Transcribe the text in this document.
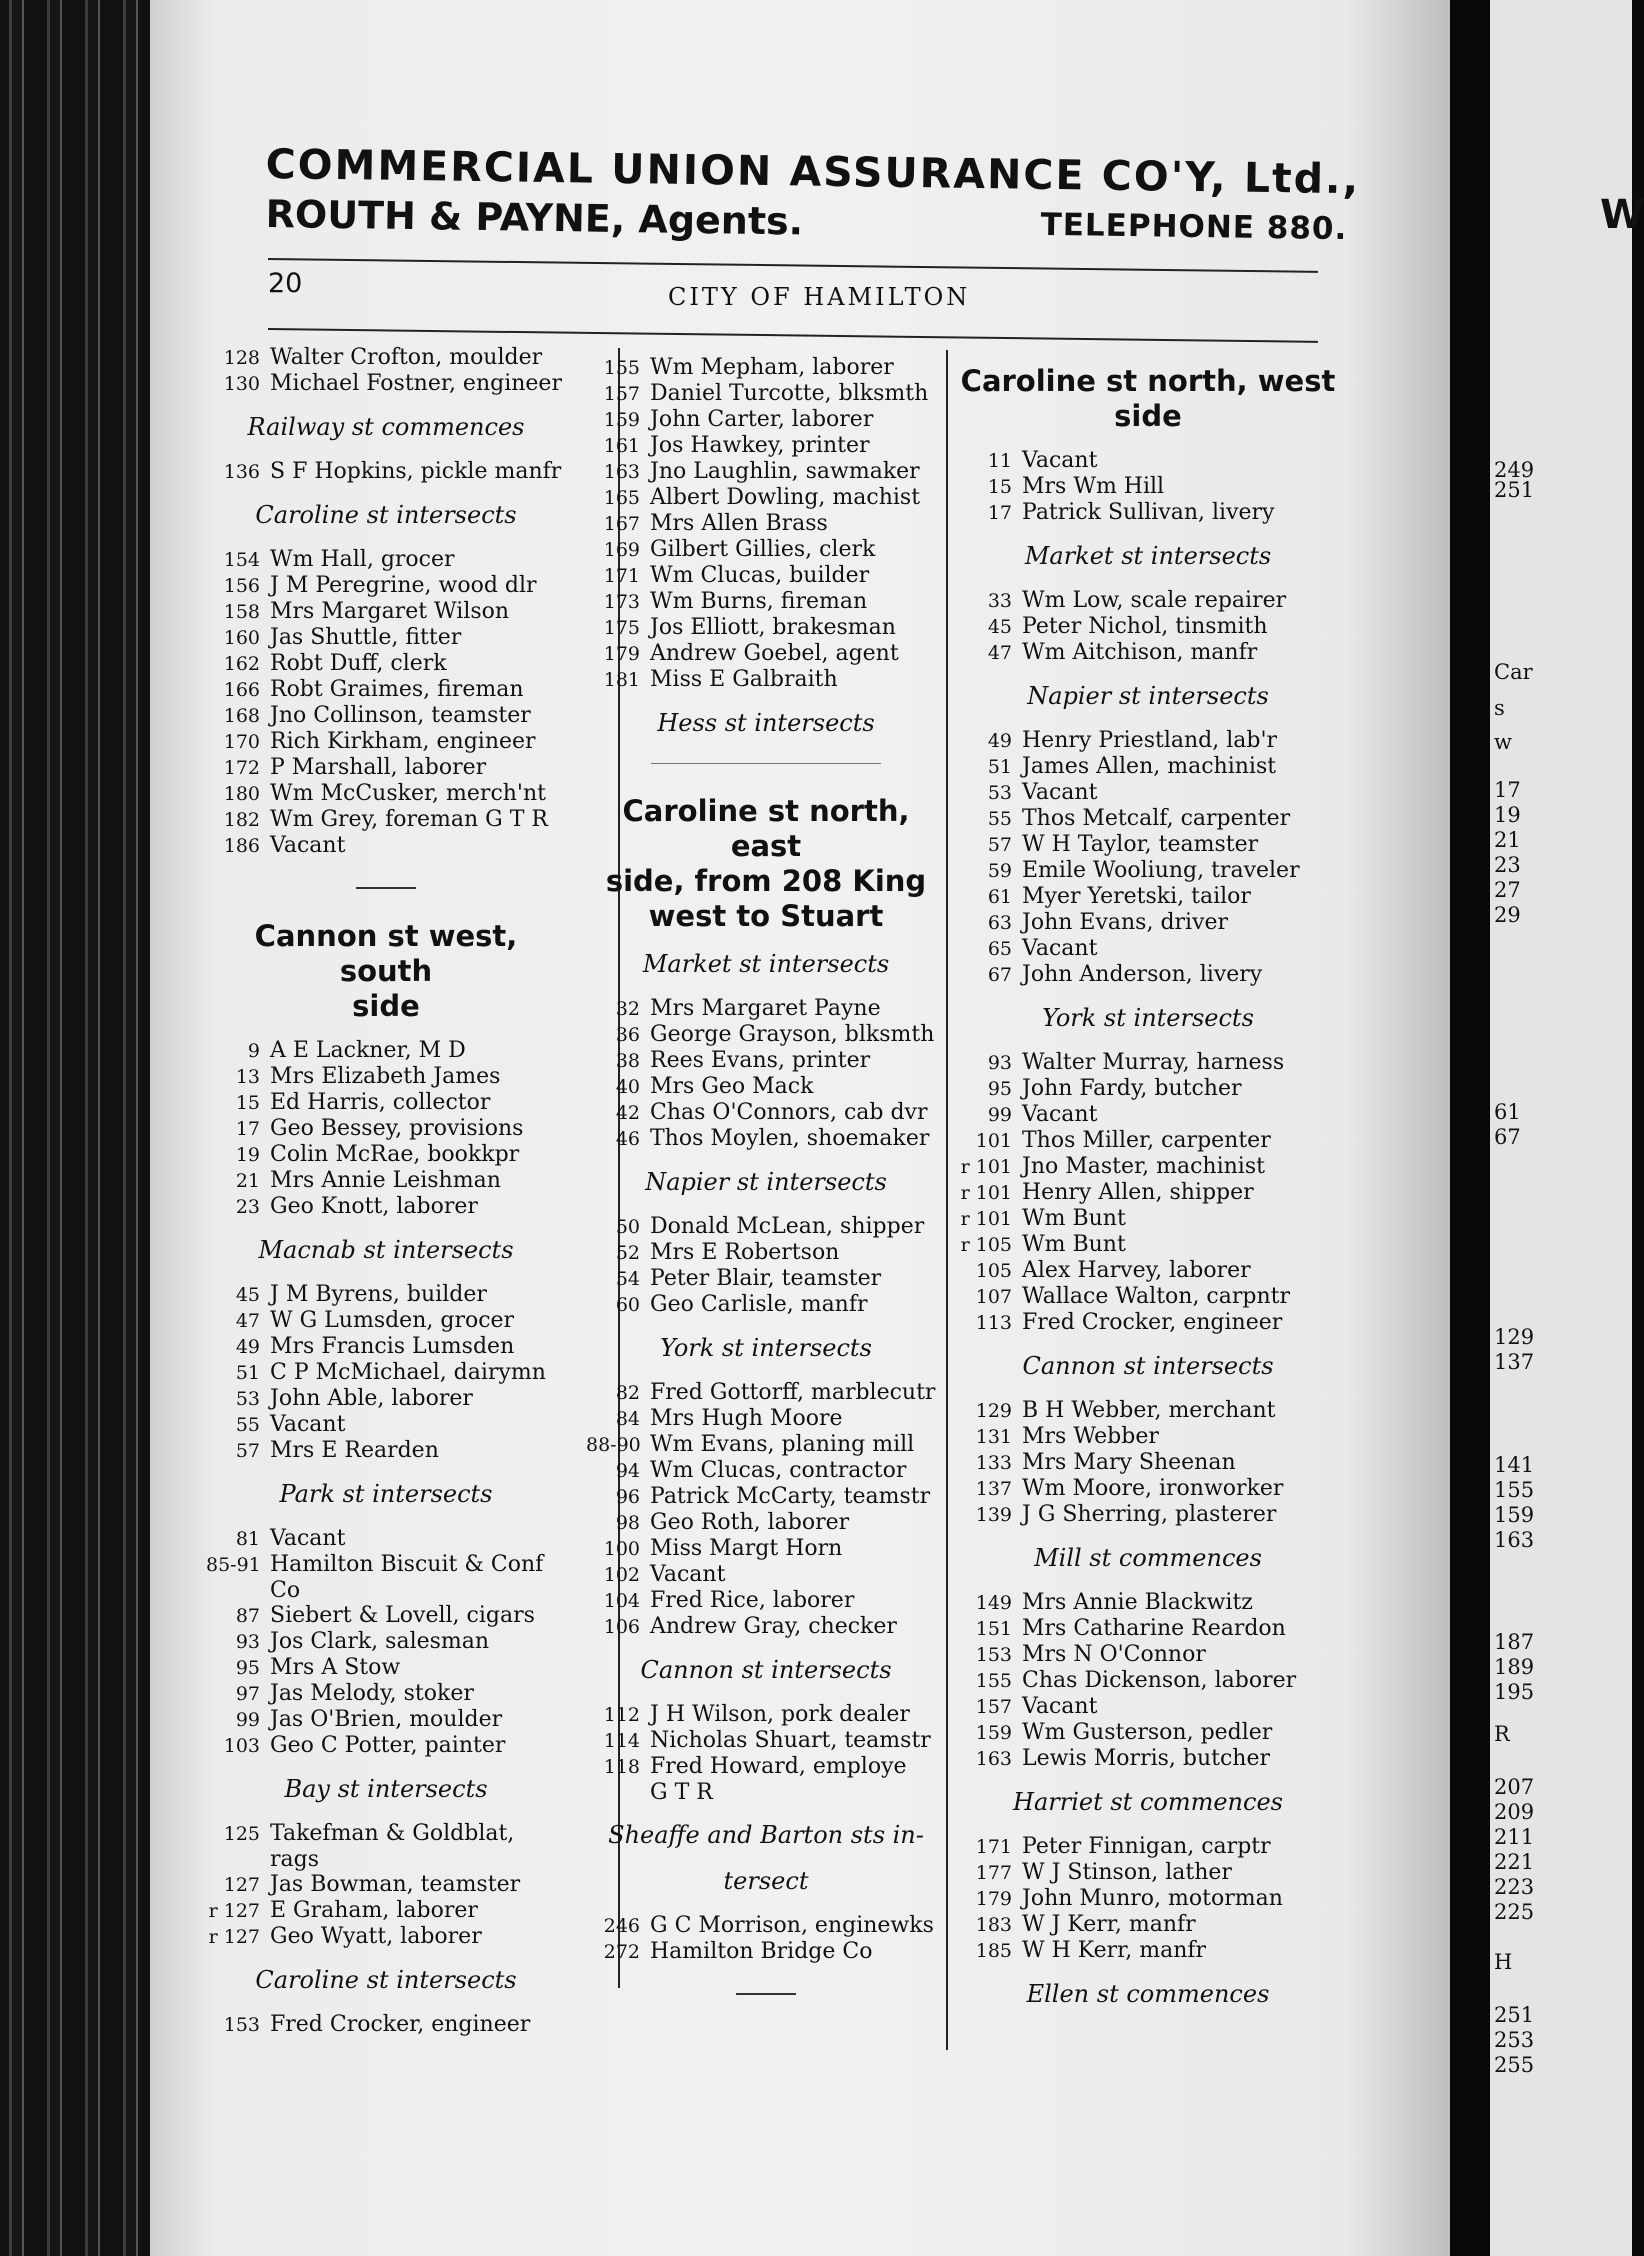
COMMERCIAL UNION ASSURANCE CO'Y, Ltd.,
ROUTH & PAYNE, Agents.	TELEPHONE 880.
20	CITY OF HAMILTON
128 Walter Crofton, moulder
130 Michael Fostner, engineer
Railway st commences
136 S F Hopkins, pickle manfr
Caroline st intersects
154 Wm Hall, grocer
156 J M Peregrine, wood dlr
158 Mrs Margaret Wilson
160 Jas Shuttle, fitter
162 Robt Duff, clerk
166 Robt Graimes, fireman
168 Jno Collinson, teamster
170 Rich Kirkham, engineer
172 P Marshall, laborer
180 Wm McCusker, merch'nt
182 Wm Grey, foreman G T R
186 Vacant
Cannon st west, south
side
9 A E Lackner, M D
13 Mrs Elizabeth James
15 Ed Harris, collector
17 Geo Bessey, provisions
19 Colin McRae, bookkpr
21 Mrs Annie Leishman
23 Geo Knott, laborer
Macnab st intersects
45 J M Byrens, builder
47 W G Lumsden, grocer
49 Mrs Francis Lumsden
51 C P McMichael, dairymn
53 John Able, laborer
55 Vacant
57 Mrs E Rearden
Park st intersects
81 Vacant
85-91 Hamilton Biscuit & Conf
Co
87 Siebert & Lovell, cigars
93 Jos Clark, salesman
95 Mrs A Stow
97 Jas Melody, stoker
99 Jas O'Brien, moulder
103 Geo C Potter, painter
Bay st intersects
125 Takefman & Goldblat,
rags
127 Jas Bowman, teamster
r 127 E Graham, laborer
r 127 Geo Wyatt, laborer
Caroline st intersects
153 Fred Crocker, engineer
155 Wm Mepham, laborer
157 Daniel Turcotte, blksmth
159 John Carter, laborer
161 Jos Hawkey, printer
163 Jno Laughlin, sawmaker
165 Albert Dowling, machist
167 Mrs Allen Brass
169 Gilbert Gillies, clerk
171 Wm Clucas, builder
173 Wm Burns, fireman
175 Jos Elliott, brakesman
179 Andrew Goebel, agent
181 Miss E Galbraith
Hess st intersects
Caroline st north, east
side, from 208 King
west to Stuart
Market st intersects
32 Mrs Margaret Payne
36 George Grayson, blksmth
38 Rees Evans, printer
40 Mrs Geo Mack
42 Chas O'Connors, cab dvr
46 Thos Moylen, shoemaker
Napier st intersects
50 Donald McLean, shipper
52 Mrs E Robertson
54 Peter Blair, teamster
60 Geo Carlisle, manfr
York st intersects
82 Fred Gottorff, marblecutr
84 Mrs Hugh Moore
88-90 Wm Evans, planing mill
94 Wm Clucas, contractor
96 Patrick McCarty, teamstr
98 Geo Roth, laborer
100 Miss Margt Horn
102 Vacant
104 Fred Rice, laborer
106 Andrew Gray, checker
Cannon st intersects
112 J H Wilson, pork dealer
114 Nicholas Shuart, teamstr
118 Fred Howard, employe
G T R
Sheaffe and Barton sts in-
tersect
246 G C Morrison, enginewks
272 Hamilton Bridge Co
Caroline st north, west
side
11 Vacant
15 Mrs Wm Hill
17 Patrick Sullivan, livery
Market st intersects
33 Wm Low, scale repairer
45 Peter Nichol, tinsmith
47 Wm Aitchison, manfr
Napier st intersects
49 Henry Priestland, lab'r
51 James Allen, machinist
53 Vacant
55 Thos Metcalf, carpenter
57 W H Taylor, teamster
59 Emile Wooliung, traveler
61 Myer Yeretski, tailor
63 John Evans, driver
65 Vacant
67 John Anderson, livery
York st intersects
93 Walter Murray, harness
95 John Fardy, butcher
99 Vacant
101 Thos Miller, carpenter
r 101 Jno Master, machinist
r 101 Henry Allen, shipper
r 101 Wm Bunt
r 105 Wm Bunt
105 Alex Harvey, laborer
107 Wallace Walton, carpntr
113 Fred Crocker, engineer
Cannon st intersects
129 B H Webber, merchant
131 Mrs Webber
133 Mrs Mary Sheenan
137 Wm Moore, ironworker
139 J G Sherring, plasterer
Mill st commences
149 Mrs Annie Blackwitz
151 Mrs Catharine Reardon
153 Mrs N O'Connor
155 Chas Dickenson, laborer
157 Vacant
159 Wm Gusterson, pedler
163 Lewis Morris, butcher
Harriet st commences
171 Peter Finnigan, carptr
177 W J Stinson, lather
179 John Munro, motorman
183 W J Kerr, manfr
185 W H Kerr, manfr
Ellen st commences
W
249
251
Car
s
w
17
19
21
23
27
29
61
67
129
137
141
155
159
163
187
189
195
R
207
209
211
221
223
225
H
251
253
255
